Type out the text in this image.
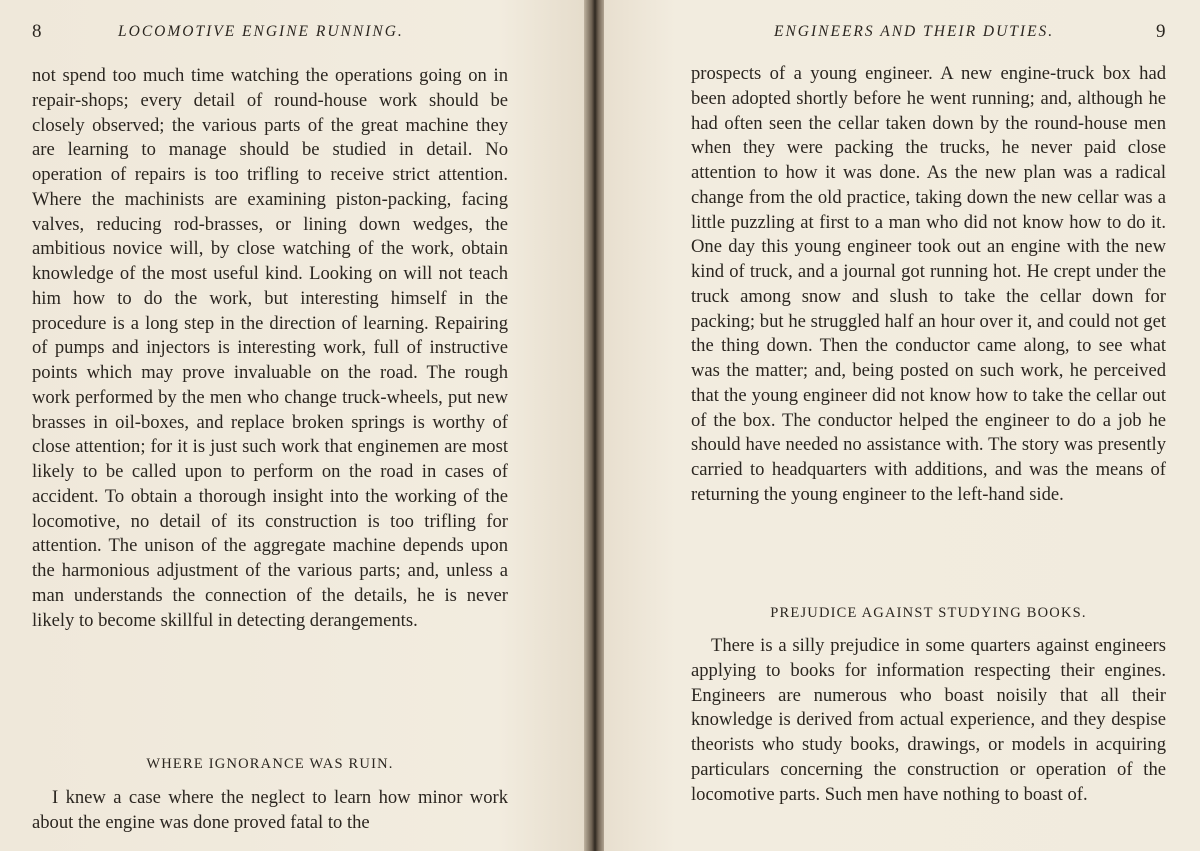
8	LOCOMOTIVE ENGINE RUNNING.

not spend too much time watching the operations going on in repair-shops; every detail of round-house work should be closely observed; the various parts of the great machine they are learning to manage should be studied in detail. No operation of repairs is too trifling to receive strict attention. Where the machinists are examining piston-packing, facing valves, reducing rod-brasses, or lining down wedges, the ambitious novice will, by close watching of the work, obtain knowledge of the most useful kind. Looking on will not teach him how to do the work, but interesting himself in the procedure is a long step in the direction of learning. Repairing of pumps and injectors is interesting work, full of instructive points which may prove invaluable on the road. The rough work performed by the men who change truck-wheels, put new brasses in oil-boxes, and replace broken springs is worthy of close attention; for it is just such work that enginemen are most likely to be called upon to perform on the road in cases of accident. To obtain a thorough insight into the working of the locomotive, no detail of its construction is too trifling for attention. The unison of the aggregate machine depends upon the harmonious adjustment of the various parts; and, unless a man understands the connection of the details, he is never likely to become skillful in detecting derangements.

WHERE IGNORANCE WAS RUIN.

I knew a case where the neglect to learn how minor work about the engine was done proved fatal to the

ENGINEERS AND THEIR DUTIES.	9

prospects of a young engineer. A new engine-truck box had been adopted shortly before he went running; and, although he had often seen the cellar taken down by the round-house men when they were packing the trucks, he never paid close attention to how it was done. As the new plan was a radical change from the old practice, taking down the new cellar was a little puzzling at first to a man who did not know how to do it. One day this young engineer took out an engine with the new kind of truck, and a journal got running hot. He crept under the truck among snow and slush to take the cellar down for packing; but he struggled half an hour over it, and could not get the thing down. Then the conductor came along, to see what was the matter; and, being posted on such work, he perceived that the young engineer did not know how to take the cellar out of the box. The conductor helped the engineer to do a job he should have needed no assistance with. The story was presently carried to headquarters with additions, and was the means of returning the young engineer to the left-hand side.

PREJUDICE AGAINST STUDYING BOOKS.

There is a silly prejudice in some quarters against engineers applying to books for information respecting their engines. Engineers are numerous who boast noisily that all their knowledge is derived from actual experience, and they despise theorists who study books, drawings, or models in acquiring particulars concerning the construction or operation of the locomotive parts. Such men have nothing to boast of.
